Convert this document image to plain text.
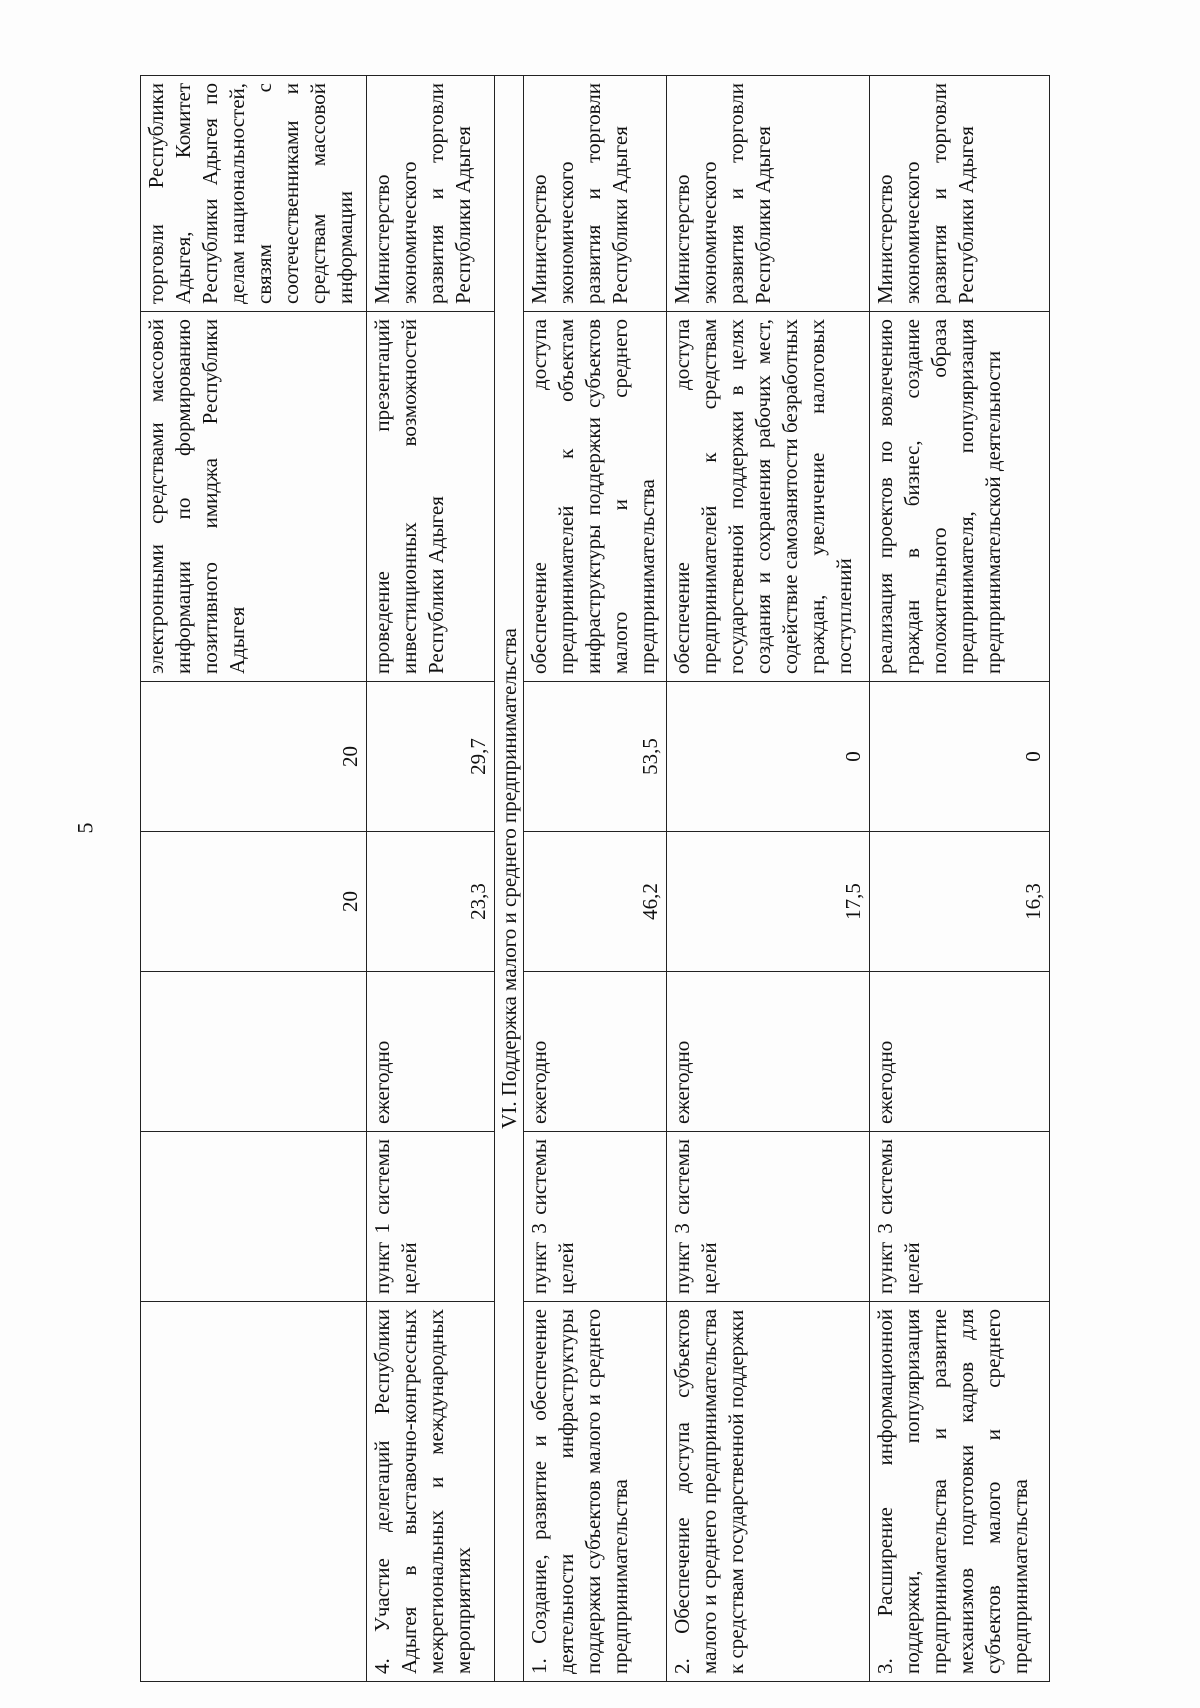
5
			20	20	электронными средствами массовой информации по формированию позитивного имиджа Республики Адыгея	торговли Республики Адыгея, Комитет Республики Адыгея по делам национальностей, связям с соотечественниками и средствам массовой информации
4. Участие делегаций Республики Адыгея в выставочно-конгрессных межрегиональных и международных мероприятиях	пункт 1 системы целей	ежегодно	23,3	29,7	проведение презентаций инвестиционных возможностей Республики Адыгея	Министерство экономического развития и торговли Республики Адыгея
VI. Поддержка малого и среднего предпринимательства						
1. Создание, развитие и обеспечение деятельности инфраструктуры поддержки субъектов малого и среднего предпринимательства	пункт 3 системы целей	ежегодно	46,2	53,5	обеспечение доступа предпринимателей к объектам инфраструктуры поддержки субъектов малого и среднего предпринимательства	Министерство экономического развития и торговли Республики Адыгея
2. Обеспечение доступа субъектов малого и среднего предпринимательства к средствам государственной поддержки	пункт 3 системы целей	ежегодно	17,5	0	обеспечение доступа предпринимателей к средствам государственной поддержки в целях создания и сохранения рабочих мест, содействие самозанятости безработных граждан, увеличение налоговых поступлений	Министерство экономического развития и торговли Республики Адыгея
3. Расширение информационной поддержки, популяризация предпринимательства и развитие механизмов подготовки кадров для субъектов малого и среднего предпринимательства	пункт 3 системы целей	ежегодно	16,3	0	реализация проектов по вовлечению граждан в бизнес, создание положительного образа предпринимателя, популяризация предпринимательской деятельности	Министерство экономического развития и торговли Республики Адыгея
